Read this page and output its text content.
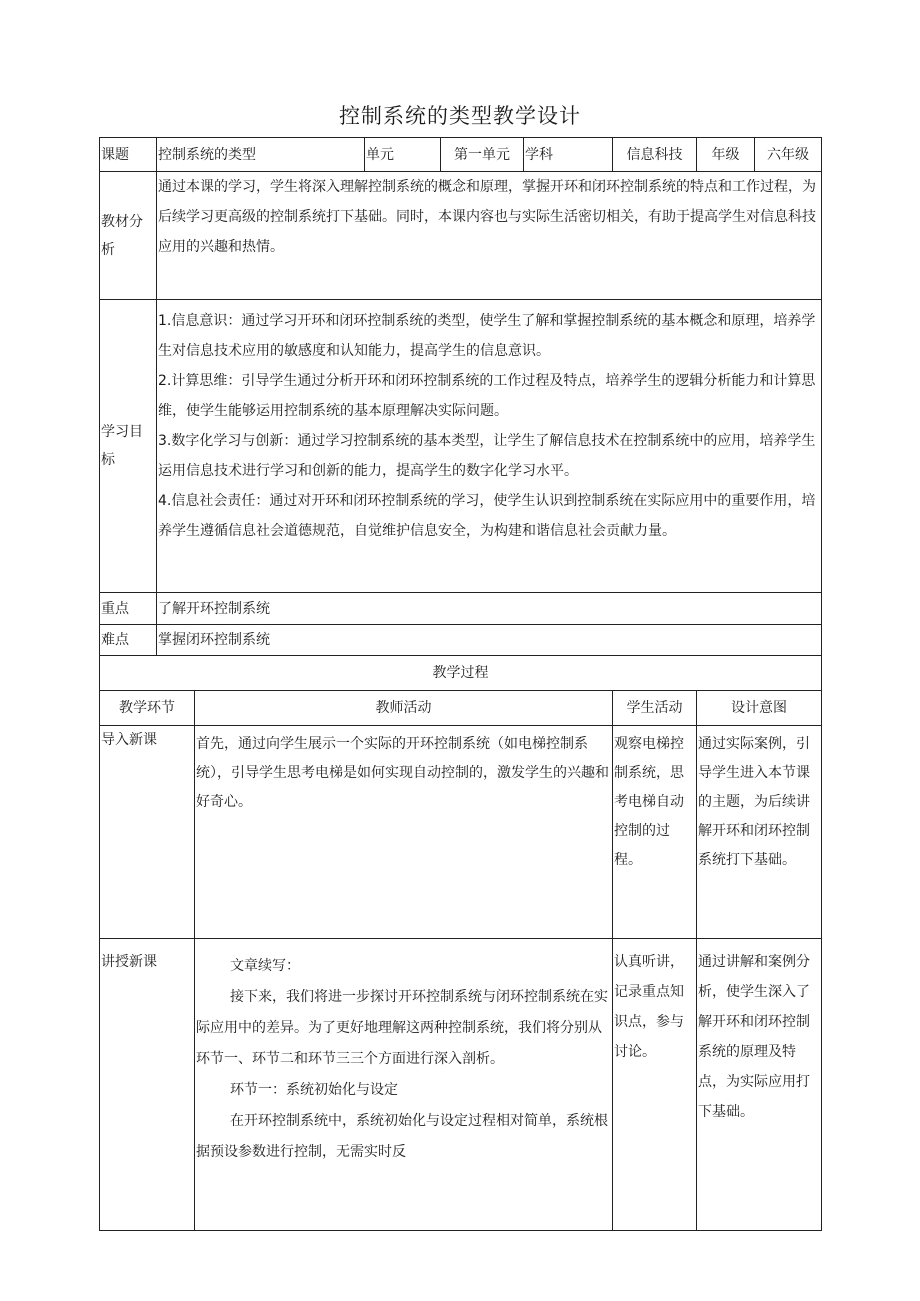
控制系统的类型教学设计
课题	控制系统的类型		单元	第一单元	学科	信息科技	年级	六年级
教材分析	通过本课的学习，学生将深入理解控制系统的概念和原理，掌握开环和闭环控制系统的特点和工作过程，为后续学习更高级的控制系统打下基础。同时，本课内容也与实际生活密切相关，有助于提高学生对信息科技应用的兴趣和热情。							

学习目标	1.信息意识：通过学习开环和闭环控制系统的类型，使学生了解和掌握控制系统的基本概念和原理，培养学生对信息技术应用的敏感度和认知能力，提高学生的信息意识。

2.计算思维：引导学生通过分析开环和闭环控制系统的工作过程及特点，培养学生的逻辑分析能力和计算思维，使学生能够运用控制系统的基本原理解决实际问题。

3.数字化学习与创新：通过学习控制系统的基本类型，让学生了解信息技术在控制系统中的应用，培养学生运用信息技术进行学习和创新的能力，提高学生的数字化学习水平。

4.信息社会责任：通过对开环和闭环控制系统的学习，使学生认识到控制系统在实际应用中的重要作用，培养学生遵循信息社会道德规范，自觉维护信息安全，为构建和谐信息社会贡献力量。							

重点	了解开环控制系统							
难点	掌握闭环控制系统							
教学过程								
教学环节		教师活动				学生活动	设计意图	
导入新课		首先，通过向学生展示一个实际的开环控制系统（如电梯控制系统），引导学生思考电梯是如何实现自动控制的，激发学生的兴趣和好奇心。				观察电梯控制系统，思考电梯自动控制的过程。	通过实际案例，引导学生进入本节课的主题，为后续讲解开环和闭环控制系统打下基础。	
讲授新课		文章续写：

接下来，我们将进一步探讨开环控制系统与闭环控制系统在实际应用中的差异。为了更好地理解这两种控制系统，我们将分别从环节一、环节二和环节三三个方面进行深入剖析。

环节一：系统初始化与设定

在开环控制系统中，系统初始化与设定过程相对简单，系统根据预设参数进行控制，无需实时反				认真听讲，记录重点知识点，参与讨论。	通过讲解和案例分析，使学生深入了解开环和闭环控制系统的原理及特点，为实际应用打下基础。	
